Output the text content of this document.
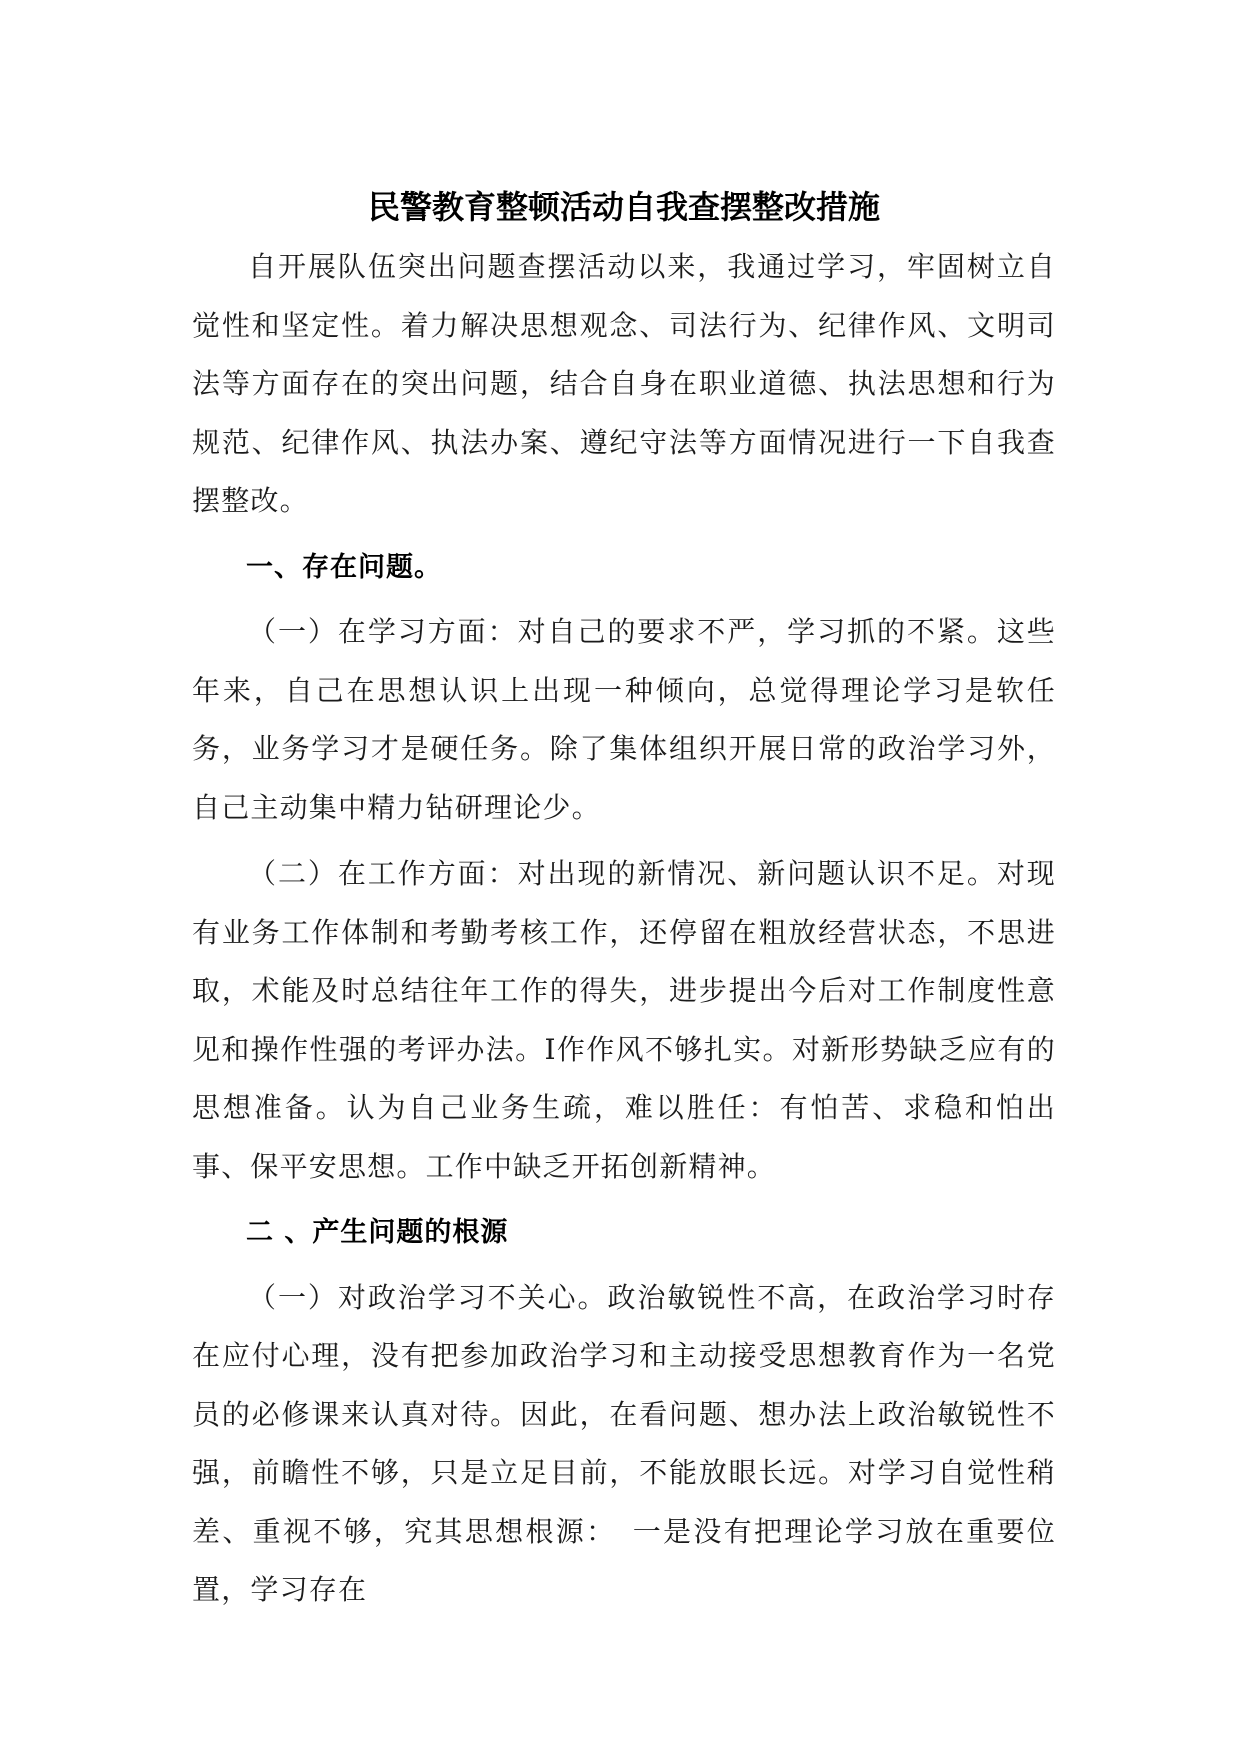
民警教育整顿活动自我查摆整改措施

自开展队伍突出问题查摆活动以来，我通过学习，牢固树立自觉性和坚定性。着力解决思想观念、司法行为、纪律作风、文明司法等方面存在的突出问题，结合自身在职业道德、执法思想和行为规范、纪律作风、执法办案、遵纪守法等方面情况进行一下自我查摆整改。

一、存在问题。

（一）在学习方面：对自己的要求不严，学习抓的不紧。这些年来，自己在思想认识上出现一种倾向，总觉得理论学习是软任务，业务学习才是硬任务。除了集体组织开展日常的政治学习外，自己主动集中精力钻研理论少。

（二）在工作方面：对出现的新情况、新问题认识不足。对现有业务工作体制和考勤考核工作，还停留在粗放经营状态，不思进取，术能及时总结往年工作的得失，进步提出今后对工作制度性意见和操作性强的考评办法。I作作风不够扎实。对新形势缺乏应有的思想准备。认为自己业务生疏，难以胜任：有怕苦、求稳和怕出事、保平安思想。工作中缺乏开拓创新精神。

二 、产生问题的根源

（一）对政治学习不关心。政治敏锐性不高，在政治学习时存在应付心理，没有把参加政治学习和主动接受思想教育作为一名党员的必修课来认真对待。因此，在看问题、想办法上政治敏锐性不强，前瞻性不够，只是立足目前，不能放眼长远。对学习自觉性稍差、重视不够，究其思想根源：　一是没有把理论学习放在重要位置，学习存在
